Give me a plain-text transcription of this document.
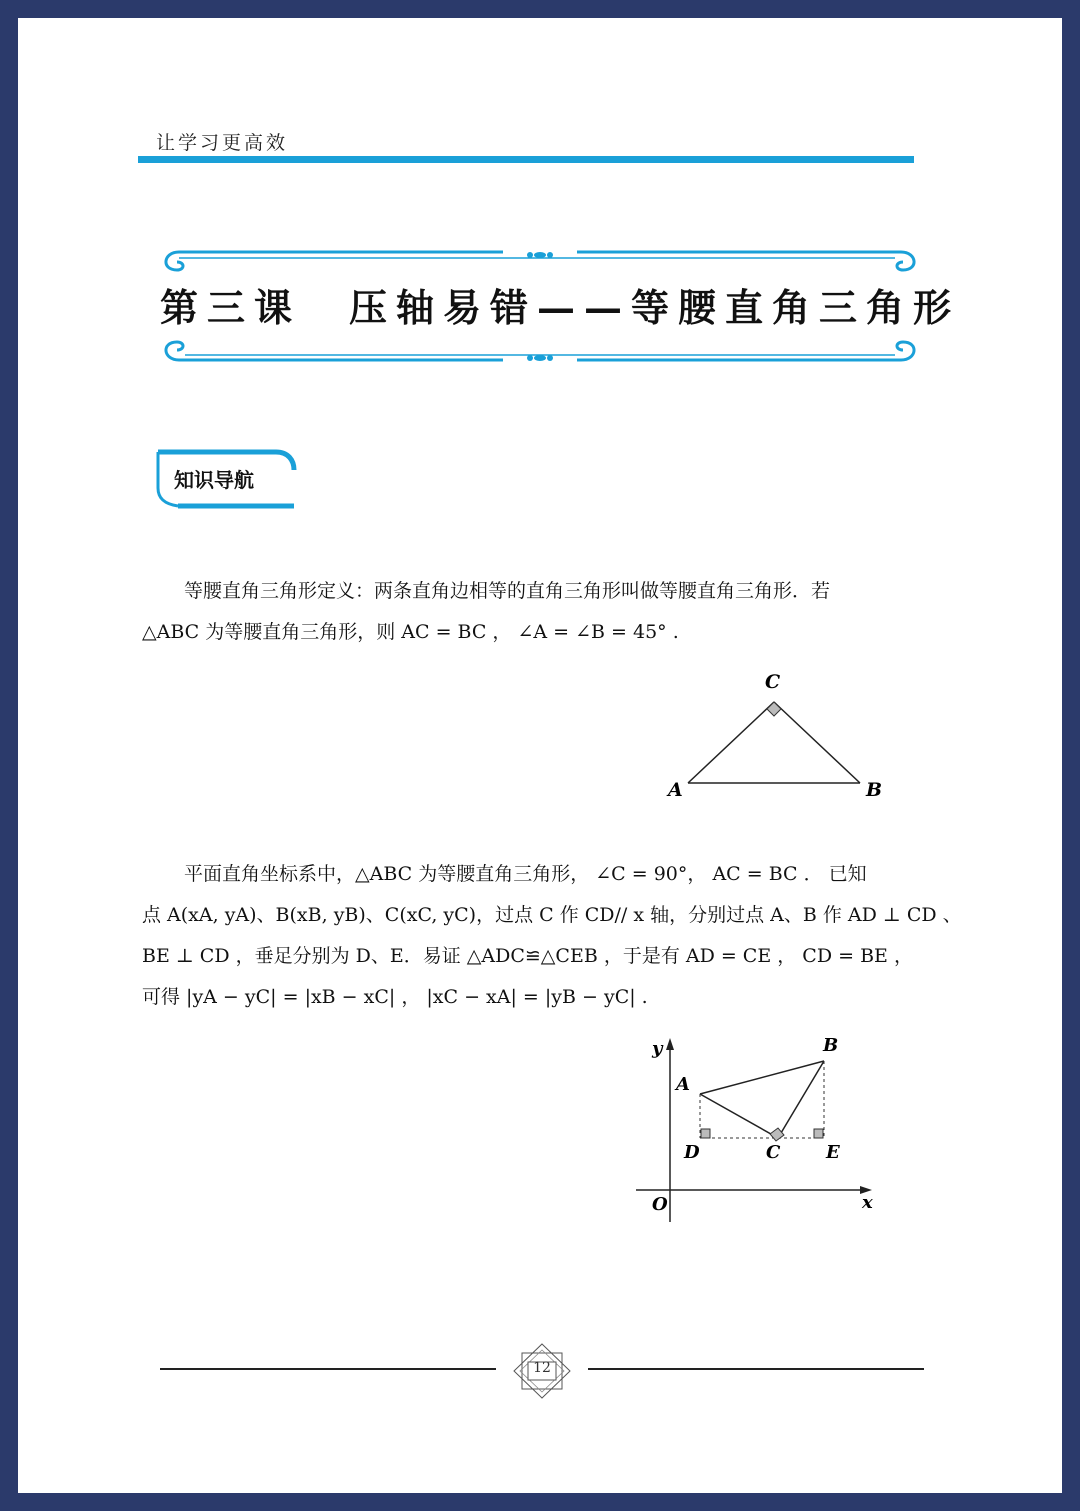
让学习更高效
第三课 压轴易错——等腰直角三角形
知识导航
等腰直角三角形定义：两条直角边相等的直角三角形叫做等腰直角三角形．若
△ABC 为等腰直角三角形，则 AC = BC ， ∠A = ∠B = 45° .
C
A	B
平面直角坐标系中，△ABC 为等腰直角三角形， ∠C = 90°， AC = BC ． 已知
点 A(xA, yA)、B(xB, yB)、C(xC, yC)，过点 C 作 CD// x 轴，分别过点 A、B 作 AD ⊥ CD 、
BE ⊥ CD ，垂足分别为 D、E．易证 △ADC≌△CEB ，于是有 AD = CE ， CD = BE ，
可得 |yA − yC| = |xB − xC| ， |xC − xA| = |yB − yC| .
y
x
O
A
B
D	C	E
12
